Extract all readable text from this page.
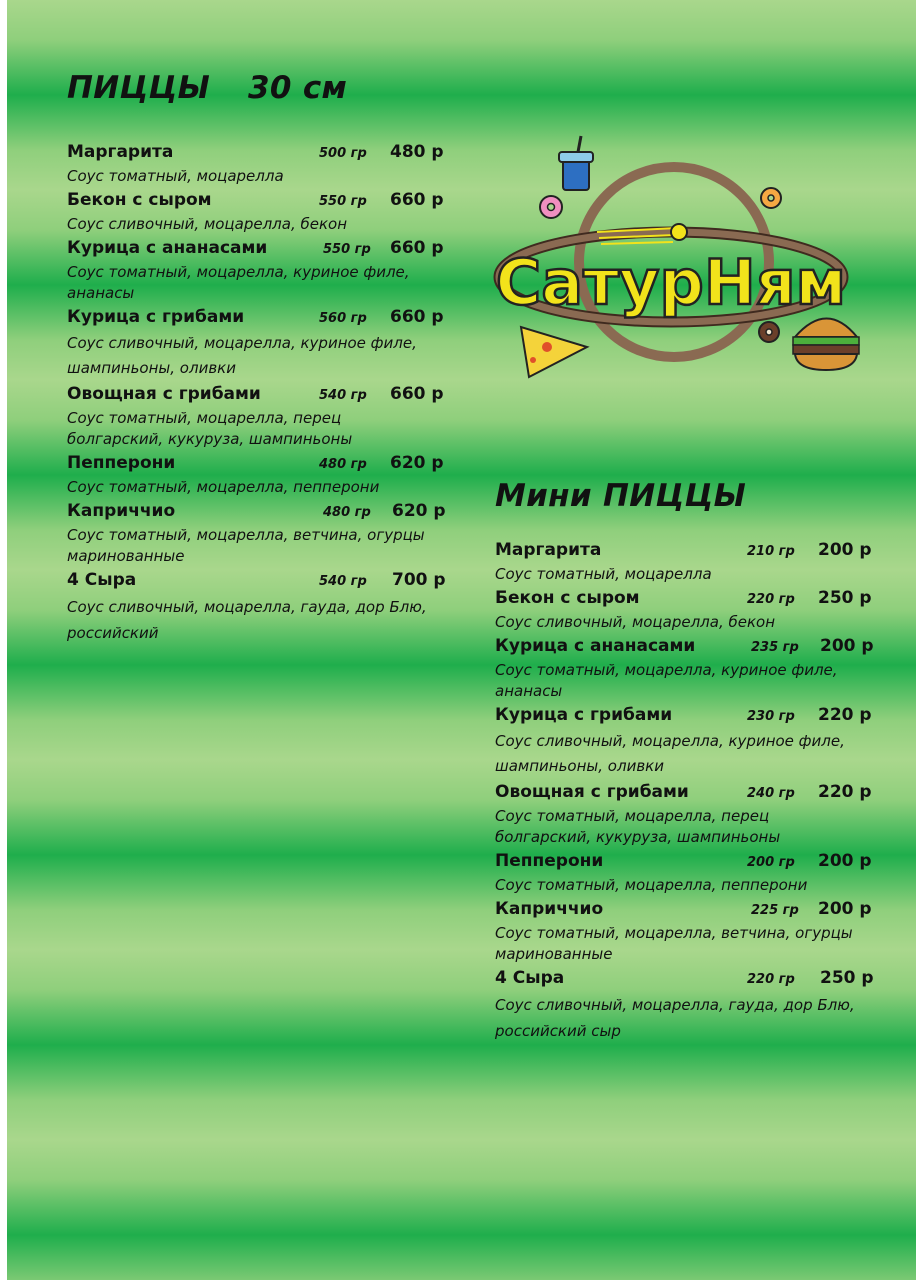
ПИЦЦЫ 30 см
Маргарита	500 гр 480 р
Соус томатный, моцарелла
Бекон с сыром	550 гр 660 р
Соус сливочный, моцарелла, бекон
Курица с ананасами	550 гр 660 р
Соус томатный, моцарелла, куриное филе, ананасы
Курица с грибами	560 гр 660 р
Соус сливочный, моцарелла, куриное филе, шампиньоны, оливки
Овощная с грибами	540 гр 660 р
Соус томатный, моцарелла, перец болгарский, кукуруза, шампиньоны
Пепперони	480 гр 620 р
Соус томатный, моцарелла, пепперони
Каприччио	480 гр 620 р
Соус томатный, моцарелла, ветчина, огурцы маринованные
4 Сыра	540 гр 700 р
Соус сливочный, моцарелла, гауда, дор Блю, российский
СатурНям
Мини ПИЦЦЫ
Маргарита	210 гр 200 р
Соус томатный, моцарелла
Бекон с сыром	220 гр 250 р
Соус сливочный, моцарелла, бекон
Курица с ананасами	235 гр 200 р
Соус томатный, моцарелла, куриное филе, ананасы
Курица с грибами	230 гр 220 р
Соус сливочный, моцарелла, куриное филе, шампиньоны, оливки
Овощная с грибами	240 гр 220 р
Соус томатный, моцарелла, перец болгарский, кукуруза, шампиньоны
Пепперони	200 гр 200 р
Соус томатный, моцарелла, пепперони
Каприччио	225 гр 200 р
Соус томатный, моцарелла, ветчина, огурцы маринованные
4 Сыра	220 гр 250 р
Соус сливочный, моцарелла, гауда, дор Блю, российский сыр
